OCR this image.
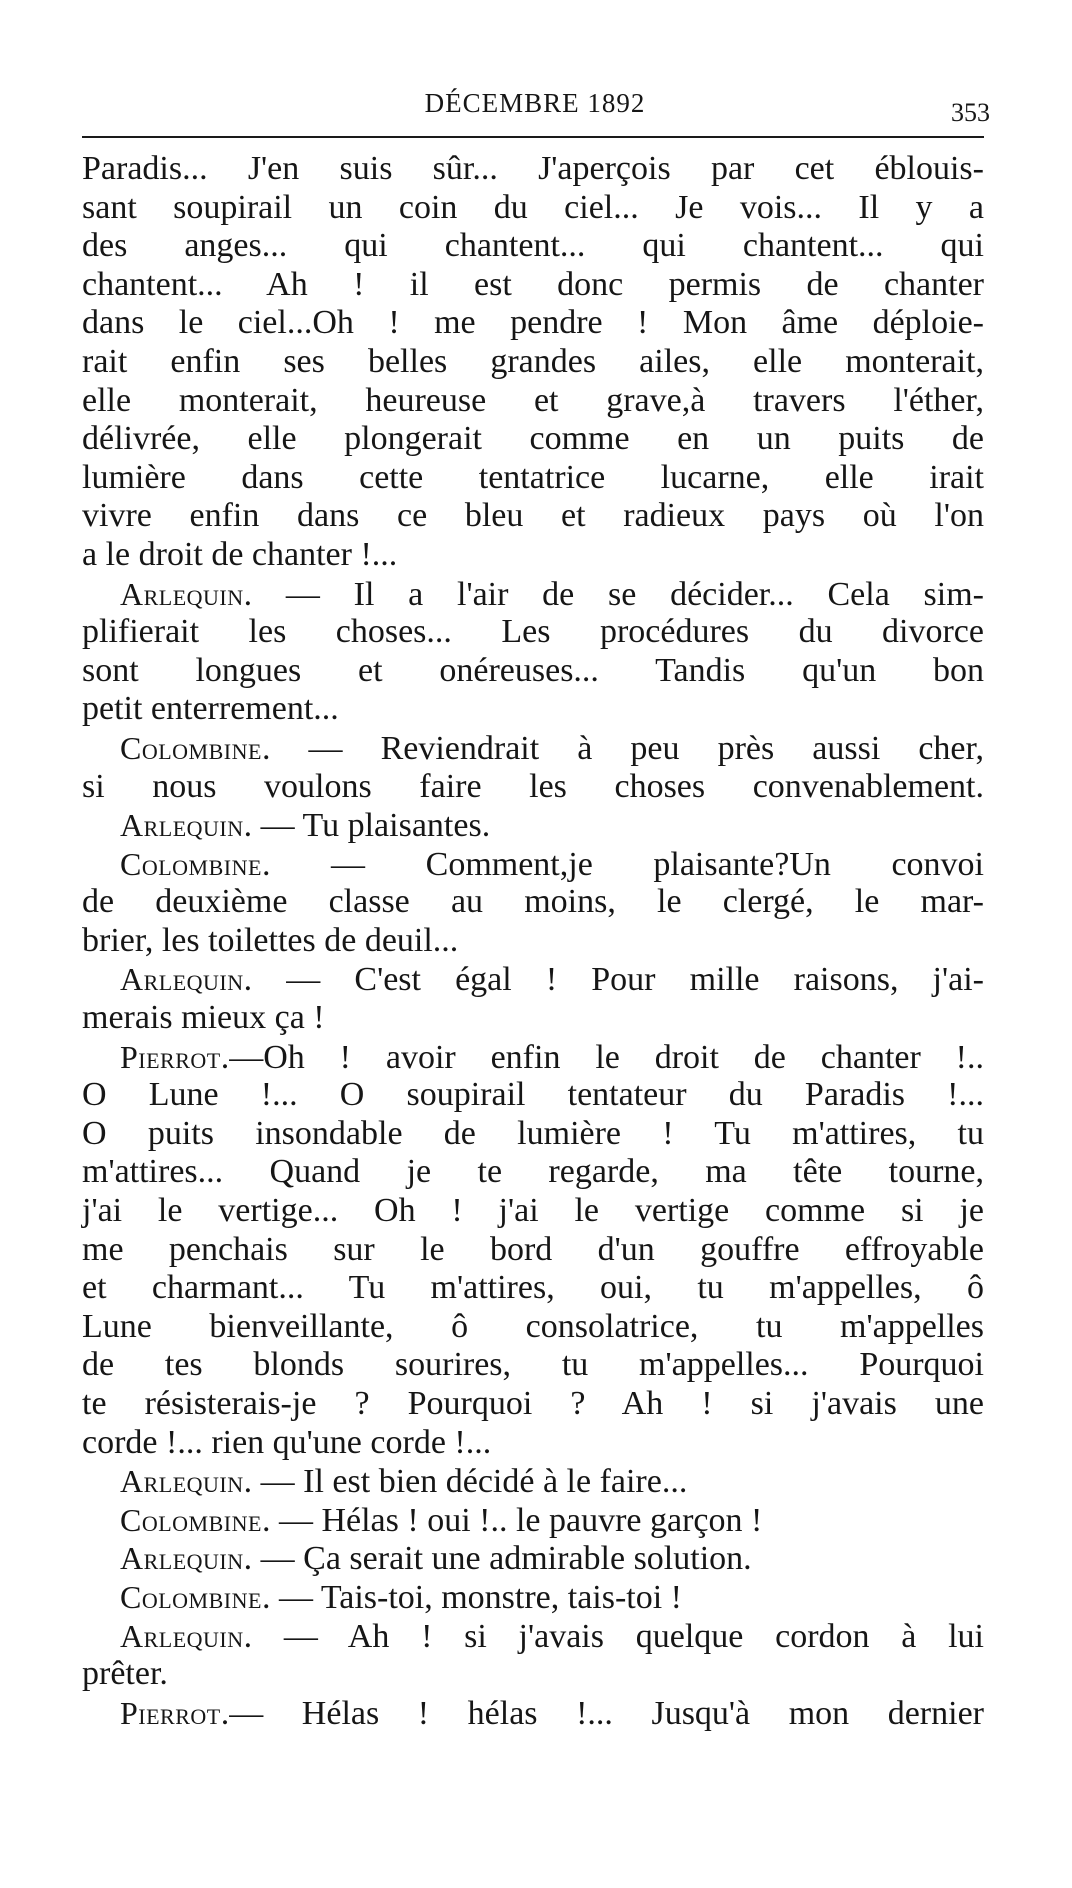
DÉCEMBRE 1892	353
Paradis... J'en suis sûr... J'aperçois par cet éblouis-
sant soupirail un coin du ciel... Je vois... Il y a
des anges... qui chantent... qui chantent... qui
chantent... Ah ! il est donc permis de chanter
dans le ciel...Oh ! me pendre ! Mon âme déploie-
rait enfin ses belles grandes ailes, elle monterait,
elle monterait, heureuse et grave,à travers l'éther,
délivrée, elle plongerait comme en un puits de
lumière dans cette tentatrice lucarne, elle irait
vivre enfin dans ce bleu et radieux pays où l'on
a le droit de chanter !...
Arlequin. — Il a l'air de se décider... Cela sim-
plifierait les choses... Les procédures du divorce
sont longues et onéreuses... Tandis qu'un bon
petit enterrement...
Colombine. — Reviendrait à peu près aussi cher,
si nous voulons faire les choses convenablement.
Arlequin. — Tu plaisantes.
Colombine. — Comment,je plaisante?Un convoi
de deuxième classe au moins, le clergé, le mar-
brier, les toilettes de deuil...
Arlequin. — C'est égal ! Pour mille raisons, j'ai-
merais mieux ça !
Pierrot.—Oh ! avoir enfin le droit de chanter !..
O Lune !... O soupirail tentateur du Paradis !...
O puits insondable de lumière ! Tu m'attires, tu
m'attires... Quand je te regarde, ma tête tourne,
j'ai le vertige... Oh ! j'ai le vertige comme si je
me penchais sur le bord d'un gouffre effroyable
et charmant... Tu m'attires, oui, tu m'appelles, ô
Lune bienveillante, ô consolatrice, tu m'appelles
de tes blonds sourires, tu m'appelles... Pourquoi
te résisterais-je ? Pourquoi ? Ah ! si j'avais une
corde !... rien qu'une corde !...
Arlequin. — Il est bien décidé à le faire...
Colombine. — Hélas ! oui !.. le pauvre garçon !
Arlequin. — Ça serait une admirable solution.
Colombine. — Tais-toi, monstre, tais-toi !
Arlequin. — Ah ! si j'avais quelque cordon à lui
prêter.
Pierrot.— Hélas ! hélas !... Jusqu'à mon dernier
